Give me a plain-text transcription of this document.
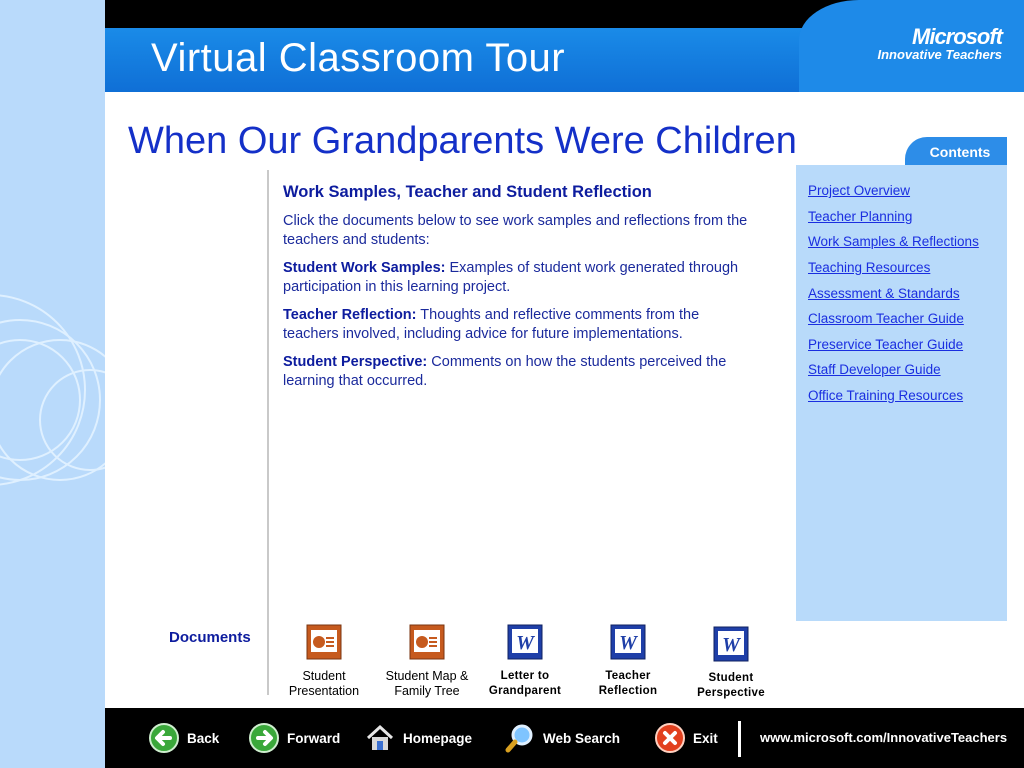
Virtual Classroom Tour	Microsoft
Innovative Teachers
When Our Grandparents Were Children
Work Samples, Teacher and Student Reflection

Click the documents below to see work samples and reflections from the teachers and students:

Student Work Samples: Examples of student work generated through participation in this learning project.

Teacher Reflection: Thoughts and reflective comments from the teachers involved, including advice for future implementations.

Student Perspective: Comments on how the students perceived the learning that occurred.

Contents
Project Overview
Teacher Planning
Work Samples & Reflections
Teaching Resources
Assessment & Standards
Classroom Teacher Guide
Preservice Teacher Guide
Staff Developer Guide
Office Training Resources
Documents
Student
Presentation
Student Map &
Family Tree
W
Letter to
Grandparent
W
Teacher
Reflection
W
Student
Perspective
Back	Forward	Homepage	Web Search	Exit	www.microsoft.com/InnovativeTeachers
